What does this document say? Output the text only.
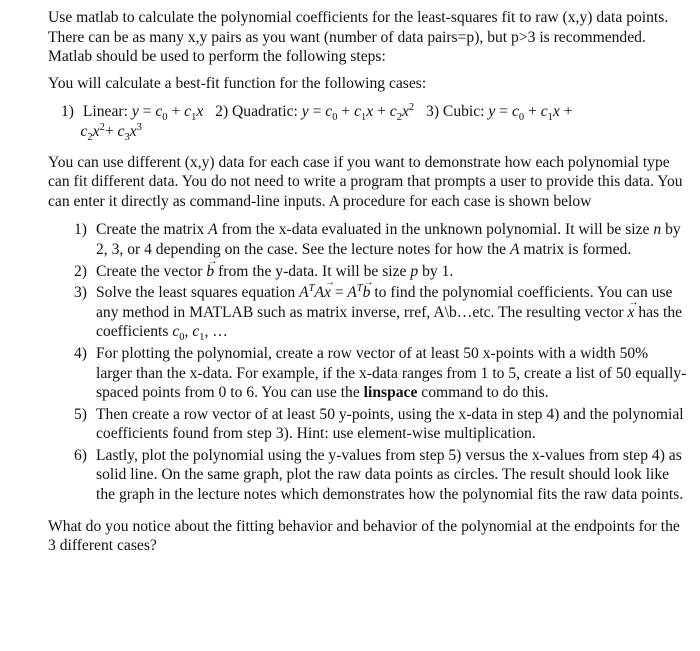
Use matlab to calculate the polynomial coefficients for the least-squares fit to raw (x,y) data points. There can be as many x,y pairs as you want (number of data pairs=p), but p>3 is recommended. Matlab should be used to perform the following steps:

You will calculate a best-fit function for the following cases:

1) Linear: $y = c_0 + c_1x$ 2) Quadratic: $y = c_0 + c_1x + c_2x^2$ 3) Cubic: $y = c_0 + c_1x$ +
$c_2x^2+ c_3x^3$

You can use different (x,y) data for each case if you want to demonstrate how each polynomial type can fit different data. You do not need to write a program that prompts a user to provide this data. You can enter it directly as command-line inputs. A procedure for each case is shown below

1) Create the matrix A from the x-data evaluated in the unknown polynomial. It will be size n by 2, 3, or 4 depending on the case. See the lecture notes for how the A matrix is formed.
2) Create the vector → b from the y-data. It will be size p by 1.
3) Solve the least squares equation $A^TA\to x = A^T\to b$ to find the polynomial coefficients. You can use any method in MATLAB such as matrix inverse, rref, A\b…etc. The resulting vector → x has the coefficients $c_0$, $c_1$, …
4) For plotting the polynomial, create a row vector of at least 50 x-points with a width 50% larger than the x-data. For example, if the x-data ranges from 1 to 5, create a list of 50 equally-spaced points from 0 to 6. You can use the linspace command to do this.
5) Then create a row vector of at least 50 y-points, using the x-data in step 4) and the polynomial coefficients found from step 3). Hint: use element-wise multiplication.
6) Lastly, plot the polynomial using the y-values from step 5) versus the x-values from step 4) as solid line. On the same graph, plot the raw data points as circles. The result should look like the graph in the lecture notes which demonstrates how the polynomial fits the raw data points.

What do you notice about the fitting behavior and behavior of the polynomial at the endpoints for the 3 different cases?
